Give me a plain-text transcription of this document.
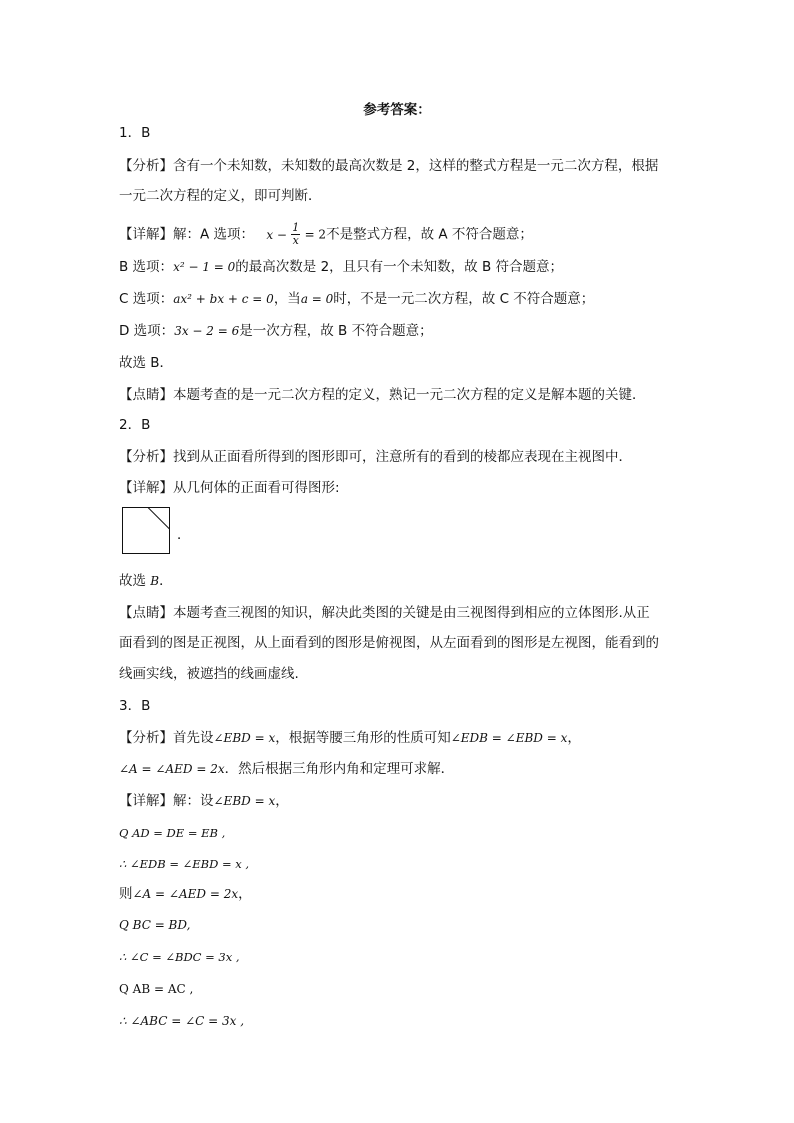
参考答案：
1．B
【分析】含有一个未知数，未知数的最高次数是 2，这样的整式方程是一元二次方程，根据
一元二次方程的定义，即可判断．
【详解】解：A 选项： $x - \frac{1}{x} = 2$不是整式方程，故 A 不符合题意；
B 选项：x² − 1 = 0的最高次数是 2，且只有一个未知数，故 B 符合题意；
C 选项：ax² + bx + c = 0，当a = 0时，不是一元二次方程，故 C 不符合题意；
D 选项：3x − 2 = 6是一次方程，故 B 不符合题意；
故选 B．
【点睛】本题考查的是一元二次方程的定义，熟记一元二次方程的定义是解本题的关键．
2．B
【分析】找到从正面看所得到的图形即可，注意所有的看到的棱都应表现在主视图中．
【详解】从几何体的正面看可得图形:
．
故选 B．
【点睛】本题考查三视图的知识，解决此类图的关键是由三视图得到相应的立体图形.从正
面看到的图是正视图，从上面看到的图形是俯视图，从左面看到的图形是左视图，能看到的
线画实线，被遮挡的线画虚线.
3．B
【分析】首先设∠EBD = x，根据等腰三角形的性质可知∠EDB = ∠EBD = x，
∠A = ∠AED = 2x．然后根据三角形内角和定理可求解．
【详解】解：设∠EBD = x，
Q AD = DE = EB ,
∴ ∠EDB = ∠EBD = x ,
则∠A = ∠AED = 2x，
Q BC = BD,
∴ ∠C = ∠BDC = 3x ,
Q AB = AC ,
∴ ∠ABC = ∠C = 3x ,
